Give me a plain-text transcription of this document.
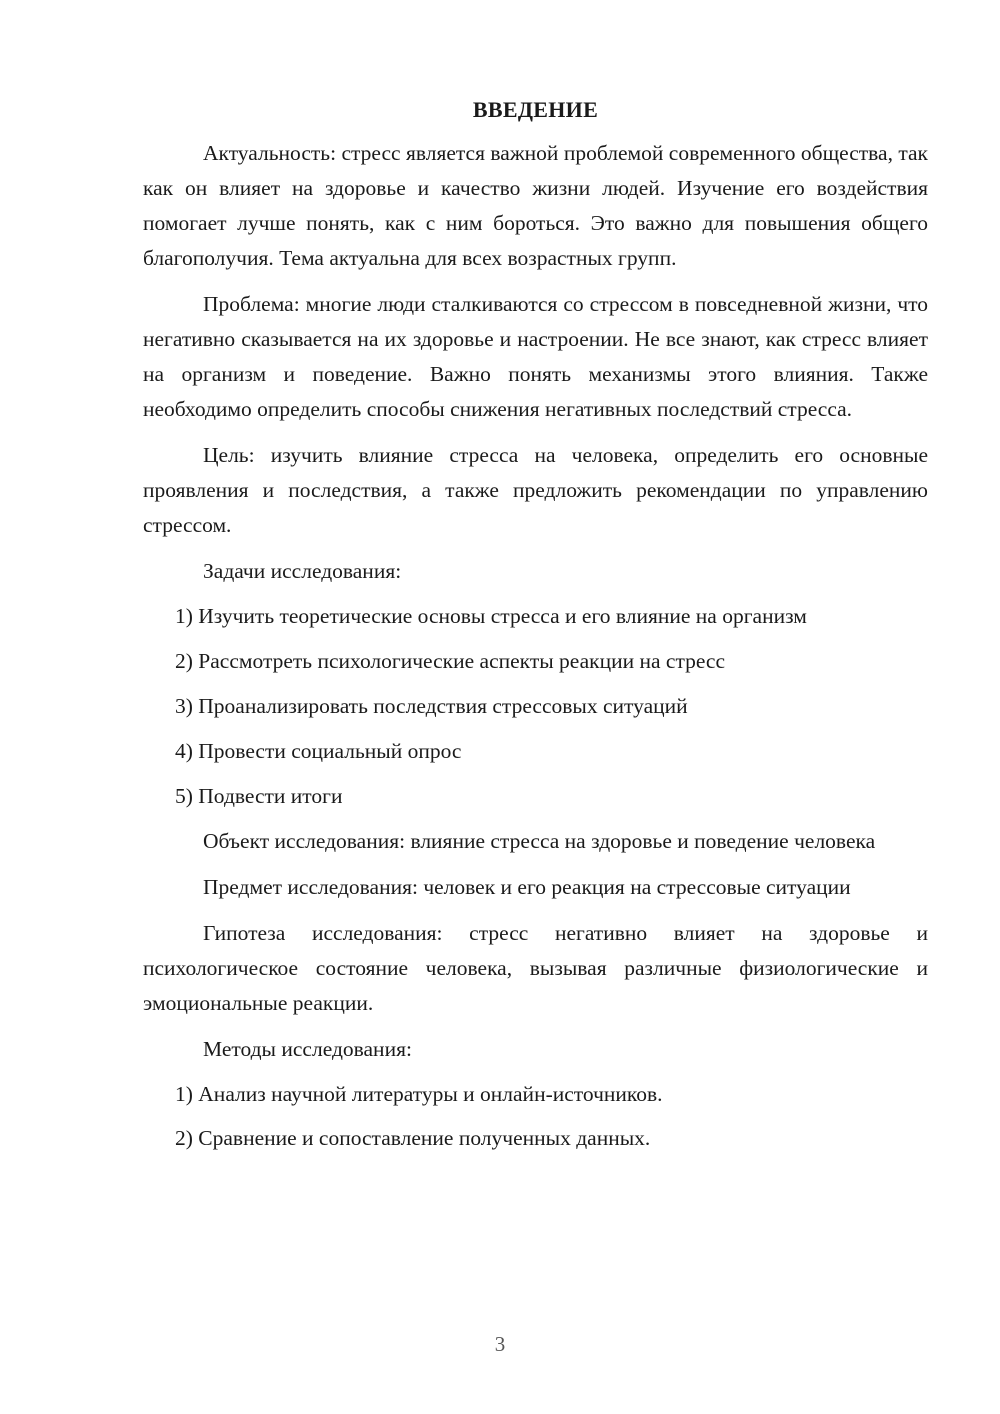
ВВЕДЕНИЕ

Актуальность: стресс является важной проблемой современного общества, так как он влияет на здоровье и качество жизни людей. Изучение его воздействия помогает лучше понять, как с ним бороться. Это важно для повышения общего благополучия. Тема актуальна для всех возрастных групп.

Проблема: многие люди сталкиваются со стрессом в повседневной жизни, что негативно сказывается на их здоровье и настроении. Не все знают, как стресс влияет на организм и поведение. Важно понять механизмы этого влияния. Также необходимо определить способы снижения негативных последствий стресса.

Цель: изучить влияние стресса на человека, определить его основные проявления и последствия, а также предложить рекомендации по управлению стрессом.

Задачи исследования:

1) Изучить теоретические основы стресса и его влияние на организм
2) Рассмотреть психологические аспекты реакции на стресс
3) Проанализировать последствия стрессовых ситуаций
4) Провести социальный опрос
5) Подвести итоги

Объект исследования: влияние стресса на здоровье и поведение человека

Предмет исследования: человек и его реакция на стрессовые ситуации

Гипотеза исследования: стресс негативно влияет на здоровье и психологическое состояние человека, вызывая различные физиологические и эмоциональные реакции.

Методы исследования:

1) Анализ научной литературы и онлайн-источников.
2) Сравнение и сопоставление полученных данных.
3
